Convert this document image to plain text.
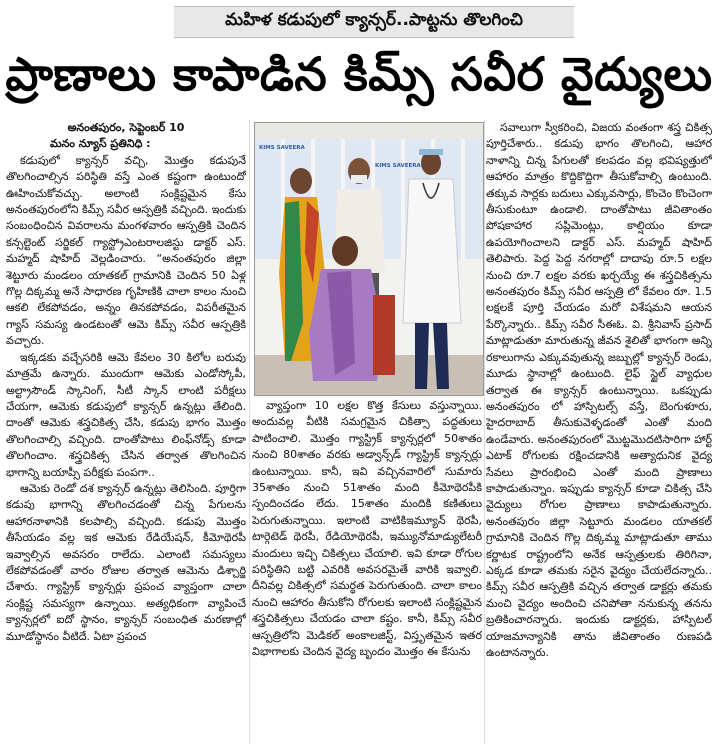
మహిళ కడుపులో క్యాన్సర్..పాట్టను తొలగించి
ప్రాణాలు కాపాడిన కిమ్స్ సవీర వైద్యులు

అనంతపురం, సెప్టెంబర్ 10

మనం న్యూస్ ప్రతినిధి :

కడుపులో క్యాన్సర్ వచ్చి, మొత్తం కడుపునే తొలగించాల్సిన పరిస్థితి వస్తే ఎంత కష్టంగా ఉంటుందో ఊహించుకోవచ్చు. అలాంటి సంక్లిష్టమైన కేసు అనంతపురంలోని కిమ్స్ సవీర ఆస్పత్రికి వచ్చింది. ఇందుకు సంబంధించిన వివరాలను మంగళవారం ఆస్పత్రికి చెందిన కన్సల్టెంట్ సర్జికల్ గ్యాస్ట్రోఎంటరాలజిస్టు డాక్టర్ ఎస్. మహ్మద్ షాహిద్ వెల్లడించారు. “అనంతపురం జిల్లా శెట్టూరు మండలం యాతకల్ గ్రామానికి చెందిన 50 ఏళ్ల గొల్ల దిక్కమ్మ అనే సాధారణ గృహిణికి చాలా కాలం నుంచి ఆకలి లేకపోవడం, అన్నం తినకపోవడం, విపరీతమైన గ్యాస్ సమస్య ఉండటంతో ఆమె కిమ్స్ సవీర ఆస్పత్రికి వచ్చారు.

ఇక్కడకు వచ్చేసరికి ఆమె కేవలం 30 కిలోల బరువు మాత్రమే ఉన్నారు. ముందుగా ఆమెకు ఎండోస్కోపీ, అల్ట్రాసౌండ్ స్కానింగ్, సీటీ స్కాన్ లాంటి పరీక్షలు చేయగా, ఆమెకు కడుపులో క్యాన్సర్ ఉన్నట్లు తేలింది. దాంతో ఆమెకు శస్త్రచికిత్స చేసి, కడుపు భాగం మొత్తం తొలగించాల్సి వచ్చింది. దాంతోపాటు లింఫ్‌నోడ్స్ కూడా తొలగించాం. శస్త్రచికిత్స చేసిన తర్వాత తొలగించిన భాగాన్ని బయాప్సీ పరీక్షకు పంపగా..

ఆమెకు రెండో దశ క్యాన్సర్ ఉన్నట్లు తెలిసింది. పూర్తిగా కడుపు భాగాన్ని తొలగించడంతో చిన్న పేగులను ఆహారనాళానికి కలపాల్సి వచ్చింది. కడుపు మొత్తం తీసేయడం వల్ల ఇక ఆమెకు రేడియేషన్, కీమోథెరపీ ఇవ్వాల్సిన అవసరం రాలేదు. ఎలాంటి సమస్యలు లేకపోవడంతో వారం రోజుల తర్వాత ఆమెను డిశ్చార్జి చేశారు. గ్యాస్ట్రిక్ క్యాన్సర్లు ప్రపంచ వ్యాప్తంగా చాలా సంక్లిష్ట సమస్యగా ఉన్నాయి. అత్యధికంగా వ్యాపించే క్యాన్సర్లలో ఐదో స్థానం, క్యాన్సర్ సంబంధిత మరణాల్లో మూడోస్థానం వీటిదే. ఏటా ప్రపంచ

KIMS SAVEERA
KIMS SAVEERA

వ్యాప్తంగా 10 లక్షల కొత్త కేసులు వస్తున్నాయి. అందువల్ల వీటికి సమగ్రమైన చికిత్సా పద్ధతులు పాటించాలి. మొత్తం గ్యాస్ట్రిక్ క్యాన్సర్లలో 50శాతం నుంచి 80శాతం వరకు అడ్వాన్స్‌డ్ గ్యాస్ట్రిక్ క్యాన్సర్లు ఉంటున్నాయి. కానీ, ఇవి వచ్చినవారిలో సుమారు 35శాతం నుంచి 51శాతం మంది కీమోథెరపీకి స్పందించడం లేదు. 15శాతం మందికి కణితులు పెరుగుతున్నాయి. ఇలాంటి వాటికిఇమ్యూన్ థెరపీ, టార్గెటెడ్ థెరపీ, రేడియోథెరపీ, ఇమ్యునోమాడ్యులేటరీ మందులు ఇచ్చి చికిత్సలు చేయాలి. ఇవి కూడా రోగుల పరిస్థితిని బట్టి ఎవరికి అవసరమైతే వారికి ఇవ్వాలి. దీనివల్ల చికిత్సలో సమర్థత పెరుగుతుంది. చాలా కాలం నుంచి ఆహారం తీసుకోని రోగులకు ఇలాంటి సంక్లిష్టమైన శస్త్రచికిత్సలు చేయడం చాలా కష్టం. కానీ, కిమ్స్ సవీర ఆస్పత్రిలోని మెడికల్ అంకాలజిస్ట్, విస్తృతమైన ఇతర విభాగాలకు చెందిన వైద్య బృందం మొత్తం ఈ కేసును

సవాలుగా స్వీకరించి, విజయ వంతంగా శస్త్ర చికిత్స పూర్తిచేశారు.. కడుపు భాగం తొలగించి, ఆహార నాళాన్ని చిన్న పేగులతో కలపడం వల్ల భవిష్యత్తులో ఆహారం మాత్రం కొద్దికొద్దిగా తీసుకోవాల్సి ఉంటుంది. తక్కువ సార్లకు బదులు ఎక్కువసార్లు, కొంచెం కొంచెంగా తీసుకుంటూ ఉండాలి. దాంతోపాటు జీవితాంతం పోషకాహార సప్లిమెంట్లు, కాల్షియం కూడా ఉపయోగించాలని డాక్టర్ ఎస్. మహ్మద్ షాహిద్ తెలిపారు. పెద్ద పెద్ద నగరాల్లో దాదాపు రూ.5 లక్షల నుంచి రూ.7 లక్షల వరకు ఖర్చయ్యే ఈ శస్త్రచికిత్సను అనంతపురం కిమ్స్ సవీర ఆస్పత్రి లో కేవలం రూ. 1.5 లక్షలకే పూర్తి చేయడం మరో విశేషమని ఆయన పేర్కొన్నారు.. కిమ్స్ సవీర సీఈఓ. వి. శ్రీనివాస్ ప్రసాద్ మాట్లాడుతూ మారుతున్న జీవన శైలితో భాగంగా అన్ని రకాలుగాను ఎక్కువవుతున్న జబ్బుల్లో క్యాన్సర్ రెండు, మూడు స్థానాల్లో ఉంటుంది. లైఫ్ స్టైల్ వ్యాధుల తర్వాత ఈ క్యాన్సర్ ఉంటున్నాయి. ఒకప్పుడు అనంతపురం లో హాస్పిటల్స్ వస్తే, బెంగుళూరు, హైదరాబాద్ తీసుకువెళ్ళడంతో ఎంతో మంది ఉండేవారు. అనంతపురంలో మొట్టమొదటిసారిగా హార్ట్ ఎటాక్ రోగులకు రక్షించడానికి అత్యాధునిక వైద్య సేవలు ప్రారంభించి ఎంతో మంది ప్రాణాలు కాపాడుతున్నాం. ఇప్పుడు క్యాన్సర్ కూడా చికిత్స చేసి వైద్యులు రోగుల ప్రాణాలు కాపాడుతున్నారు. అనంతపురం జిల్లా సెట్టూరు మండలం యాతకల్ గ్రామానికి చెందిన గొల్ల దిక్కమ్మ మాట్లాడుతూ తాము కర్ణాటక రాష్ట్రంలోని అనేక ఆస్పత్రులకు తిరిగినా, ఎక్కడ కూడా తమకు సరైన వైద్యం చేయలేదన్నారు.. కిమ్స్ సవీర ఆస్పత్రికి వచ్చిన తర్వాత డాక్టర్లు తమకు మంచి వైద్యం అందించి చనిపోతా ననుకున్న తనను బ్రతికించారన్నారు. ఇందుకు డాక్టర్లకు, హాస్పిటల్ యాజమాన్యానికి తాను జీవితాంతం రుణపడి ఉంటానన్నారు.
